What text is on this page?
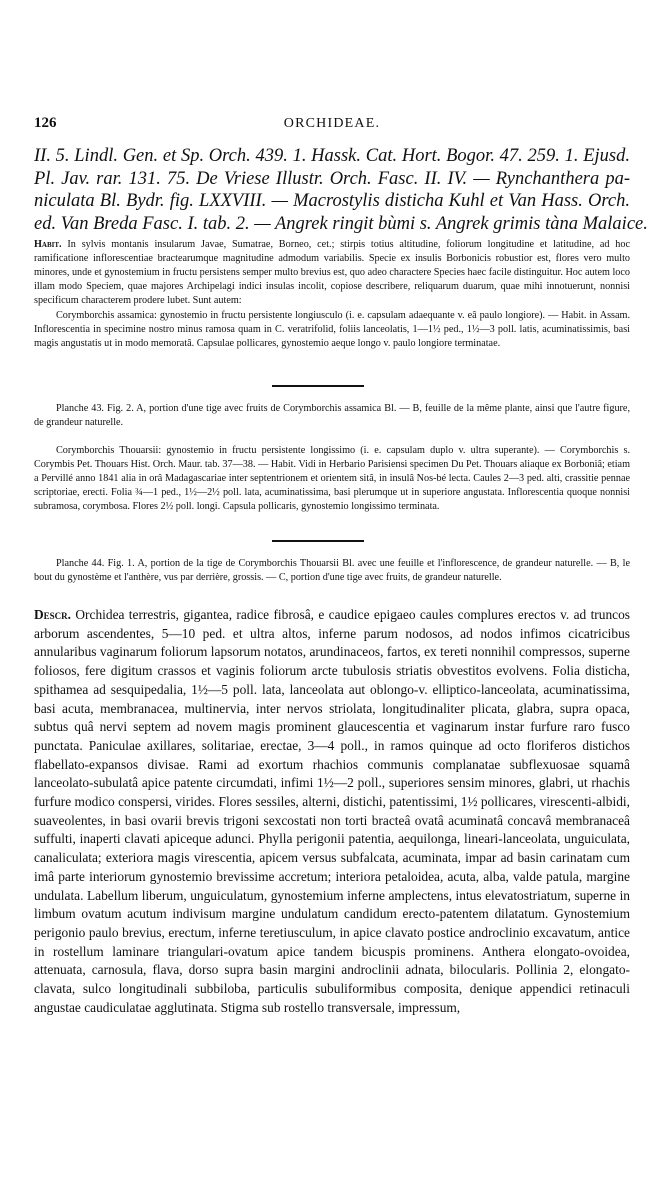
126	ORCHIDEAE.
II. 5. Lindl. Gen. et Sp. Orch. 439. 1. Hassk. Cat. Hort. Bogor. 47. 259. 1. Ejusd.
Pl. Jav. rar. 131. 75. De Vriese Illustr. Orch. Fasc. II. IV. — Rynchanthera pa-
niculata Bl. Bydr. fig. LXXVIII. — Macrostylis disticha Kuhl et Van Hass. Orch.
ed. Van Breda Fasc. I. tab. 2. — Angrek ringit bùmi s. Angrek grimis tàna Malaice.

Habit. In sylvis montanis insularum Javae, Sumatrae, Borneo, cet.; stirpis totius altitudine, foliorum longitudine et latitudine, ad hoc ramificatione inflorescentiae bractearumque magnitudine admodum variabilis. Specie ex insulis Borbonicis robustior est, flores vero multo minores, unde et gynostemium in fructu persistens semper multo brevius est, quo adeo charactere Species haec facile distinguitur. Hoc autem loco illam modo Speciem, quae majores Archipelagi indici insulas incolit, copiose describere, reliquarum duarum, quae mihi innotuerunt, nonnisi specificum characterem prodere lubet. Sunt autem:

Corymborchis assamica: gynostemio in fructu persistente longiusculo (i. e. capsulam adaequante v. eâ paulo longiore). — Habit. in Assam. Inflorescentia in specimine nostro minus ramosa quam in C. veratrifolid, foliis lanceolatis, 1—1½ ped., 1½—3 poll. latis, acuminatissimis, basi magis angustatis ut in modo memoratâ. Capsulae pollicares, gynostemio aeque longo v. paulo longiore terminatae.

Planche 43. Fig. 2. A, portion d'une tige avec fruits de Corymborchis assamica Bl. — B, feuille de la même plante, ainsi que l'autre figure, de grandeur naturelle.

Corymborchis Thouarsii: gynostemio in fructu persistente longissimo (i. e. capsulam duplo v. ultra superante). — Corymborchis s. Corymbis Pet. Thouars Hist. Orch. Maur. tab. 37—38. — Habit. Vidi in Herbario Parisiensi specimen Du Pet. Thouars aliaque ex Borboniâ; etiam a Pervillé anno 1841 alia in orâ Madagascariae inter septentrionem et orientem sitâ, in insulâ Nos-bé lecta. Caules 2—3 ped. alti, crassitie pennae scriptoriae, erecti. Folia ¾—1 ped., 1½—2½ poll. lata, acuminatissima, basi plerumque ut in superiore angustata. Inflorescentia quoque nonnisi subramosa, corymbosa. Flores 2½ poll. longi. Capsula pollicaris, gynostemio longissimo terminata.

Planche 44. Fig. 1. A, portion de la tige de Corymborchis Thouarsii Bl. avec une feuille et l'inflorescence, de grandeur naturelle. — B, le bout du gynostème et l'anthère, vus par derrière, grossis. — C, portion d'une tige avec fruits, de grandeur naturelle.

Descr. Orchidea terrestris, gigantea, radice fibrosâ, e caudice epigaeo caules complures erectos v. ad truncos arborum ascendentes, 5—10 ped. et ultra altos, inferne parum nodosos, ad nodos infimos cicatricibus annularibus vaginarum foliorum lapsorum notatos, arundinaceos, fartos, ex tereti nonnihil compressos, superne foliosos, fere digitum crassos et vaginis foliorum arcte tubulosis striatis obvestitos evolvens. Folia disticha, spithamea ad sesquipedalia, 1½—5 poll. lata, lanceolata aut oblongo-v. elliptico-lanceolata, acuminatissima, basi acuta, membranacea, multinervia, inter nervos striolata, longitudinaliter plicata, glabra, supra opaca, subtus quâ nervi septem ad novem magis prominent glaucescentia et vaginarum instar furfure raro fusco punctata. Paniculae axillares, solitariae, erectae, 3—4 poll., in ramos quinque ad octo floriferos distichos flabellato-expansos divisae. Rami ad exortum rhachios communis complanatae subflexuosae squamâ lanceolato-subulatâ apice patente circumdati, infimi 1½—2 poll., superiores sensim minores, glabri, ut rhachis furfure modico conspersi, virides. Flores sessiles, alterni, distichi, patentissimi, 1½ pollicares, virescenti-albidi, suaveolentes, in basi ovarii brevis trigoni sexcostati non torti bracteâ ovatâ acuminatâ concavâ membranaceâ suffulti, inaperti clavati apiceque adunci. Phylla perigonii patentia, aequilonga, lineari-lanceolata, unguiculata, canaliculata; exteriora magis virescentia, apicem versus subfalcata, acuminata, impar ad basin carinatam cum imâ parte interiorum gynostemio brevissime accretum; interiora petaloidea, acuta, alba, valde patula, margine undulata. Labellum liberum, unguiculatum, gynostemium inferne amplectens, intus elevatostriatum, superne in limbum ovatum acutum indivisum margine undulatum candidum erecto-patentem dilatatum. Gynostemium perigonio paulo brevius, erectum, inferne teretiusculum, in apice clavato postice androclinio excavatum, antice in rostellum laminare triangulari-ovatum apice tandem bicuspis prominens. Anthera elongato-ovoidea, attenuata, carnosula, flava, dorso supra basin margini androclinii adnata, bilocularis. Pollinia 2, elongato-clavata, sulco longitudinali subbiloba, particulis subuliformibus composita, denique appendici retinaculi angustae caudiculatae agglutinata. Stigma sub rostello transversale, impressum,
